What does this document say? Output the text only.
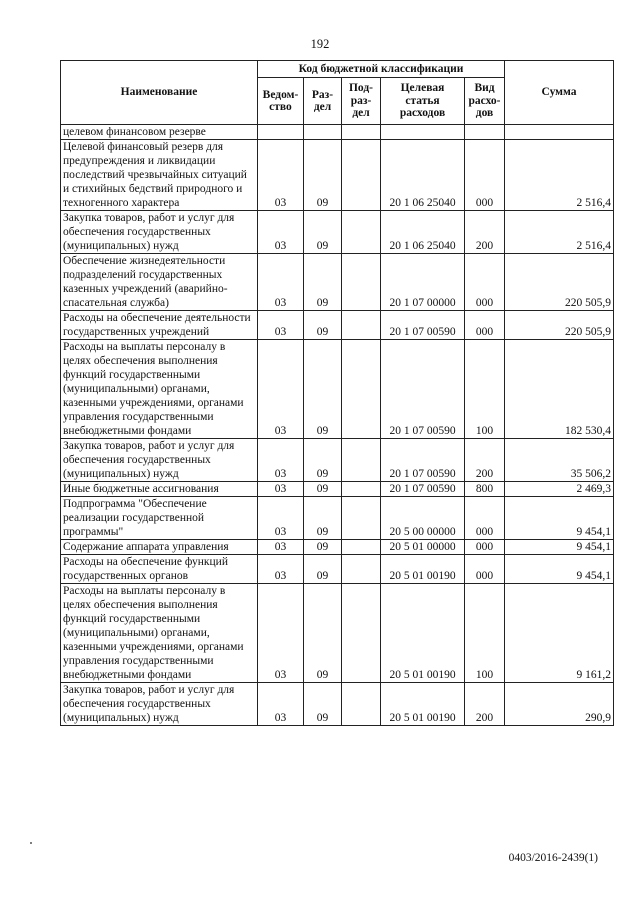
192
Наименование	Код бюджетной классификации					Сумма
	Ведом-ство	Раз-дел	Под-раз-дел	Целевая статья расходов	Вид расхо-дов	
целевом финансовом резерве						
Целевой финансовый резерв для предупреждения и ликвидации последствий чрезвычайных ситуаций и стихийных бедствий природного и техногенного характера	03	09		20 1 06 25040	000	2 516,4
Закупка товаров, работ и услуг для обеспечения государственных (муниципальных) нужд	03	09		20 1 06 25040	200	2 516,4
Обеспечение жизнедеятельности подразделений государственных казенных учреждений (аварийно-спасательная служба)	03	09		20 1 07 00000	000	220 505,9
Расходы на обеспечение деятельности государственных учреждений	03	09		20 1 07 00590	000	220 505,9
Расходы на выплаты персоналу в целях обеспечения выполнения функций государственными (муниципальными) органами, казенными учреждениями, органами управления государственными внебюджетными фондами	03	09		20 1 07 00590	100	182 530,4
Закупка товаров, работ и услуг для обеспечения государственных (муниципальных) нужд	03	09		20 1 07 00590	200	35 506,2
Иные бюджетные ассигнования	03	09		20 1 07 00590	800	2 469,3
Подпрограмма "Обеспечение реализации государственной программы"	03	09		20 5 00 00000	000	9 454,1
Содержание аппарата управления	03	09		20 5 01 00000	000	9 454,1
Расходы на обеспечение функций государственных органов	03	09		20 5 01 00190	000	9 454,1
Расходы на выплаты персоналу в целях обеспечения выполнения функций государственными (муниципальными) органами, казенными учреждениями, органами управления государственными внебюджетными фондами	03	09		20 5 01 00190	100	9 161,2
Закупка товаров, работ и услуг для обеспечения государственных (муниципальных) нужд	03	09		20 5 01 00190	200	290,9
0403/2016-2439(1)
